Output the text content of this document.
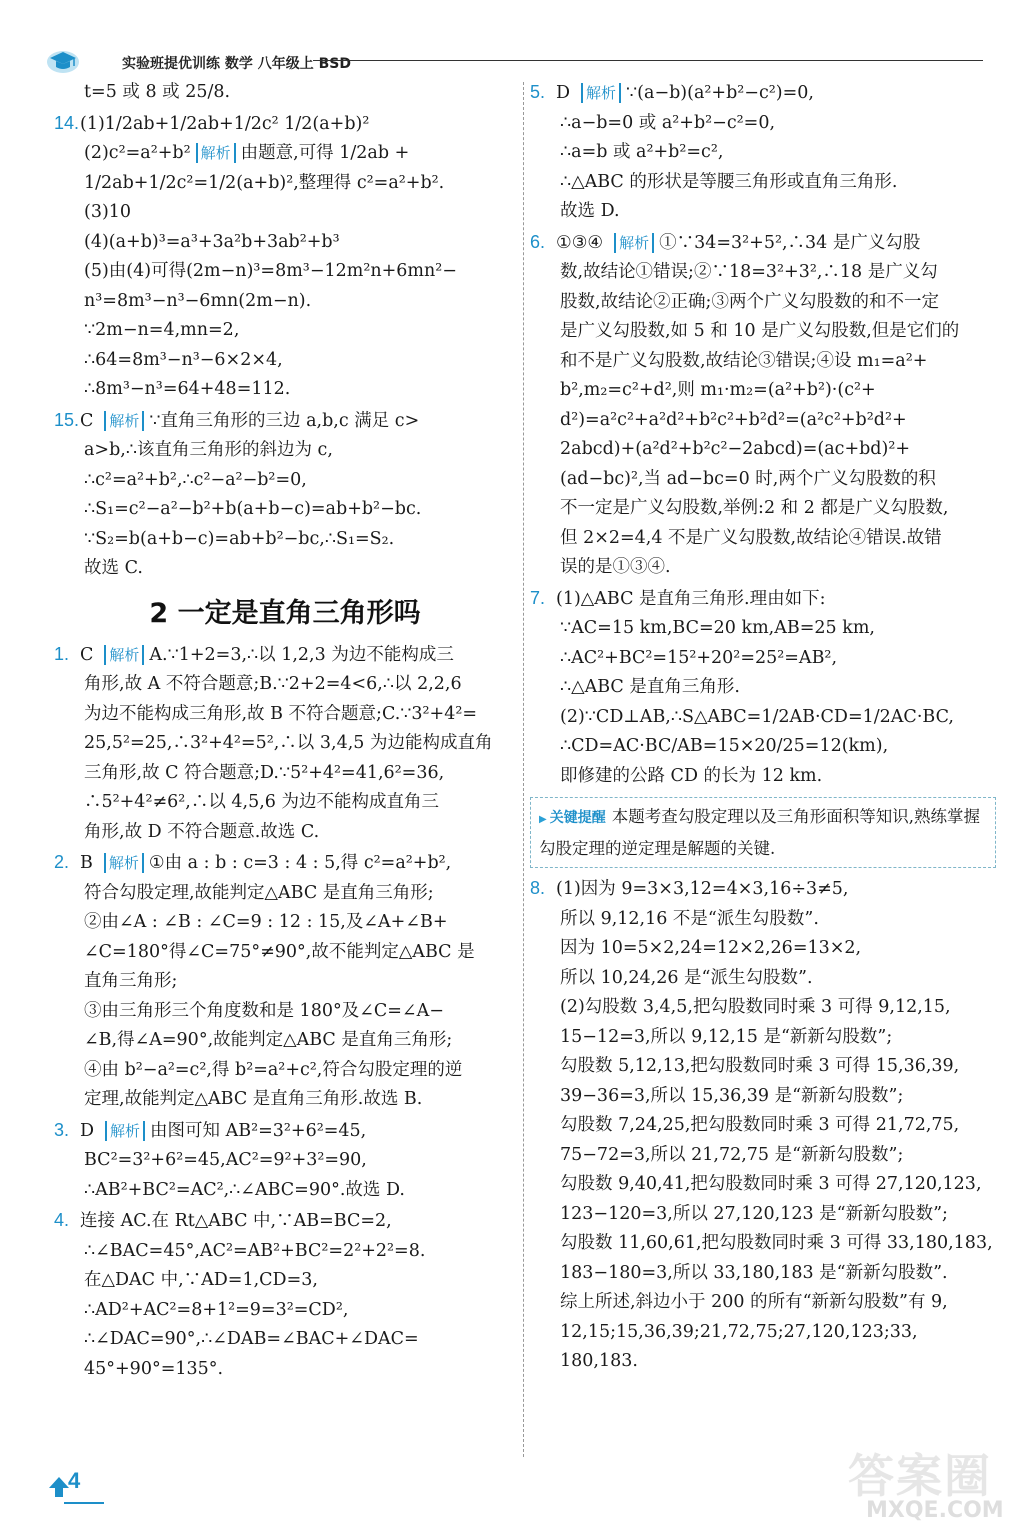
实验班提优训练 数学 八年级上 BSD
t=5 或 8 或 25/8.
14.(1)1/2ab+1/2ab+1/2c² 1/2(a+b)²
(2)c²=a²+b² 解析 由题意,可得 1/2ab +
1/2ab+1/2c²=1/2(a+b)²,整理得 c²=a²+b².
(3)10
(4)(a+b)³=a³+3a²b+3ab²+b³
(5)由(4)可得(2m−n)³=8m³−12m²n+6mn²−
n³=8m³−n³−6mn(2m−n).
∵2m−n=4,mn=2,
∴64=8m³−n³−6×2×4,
∴8m³−n³=64+48=112.
15.C 解析 ∵直角三角形的三边 a,b,c 满足 c>
a>b,∴该直角三角形的斜边为 c,
∴c²=a²+b²,∴c²−a²−b²=0,
∴S₁=c²−a²−b²+b(a+b−c)=ab+b²−bc.
∵S₂=b(a+b−c)=ab+b²−bc,∴S₁=S₂.
故选 C.
2 一定是直角三角形吗
1. C 解析 A.∵1+2=3,∴以 1,2,3 为边不能构成三
角形,故 A 不符合题意;B.∵2+2=4<6,∴以 2,2,6
为边不能构成三角形,故 B 不符合题意;C.∵3²+4²=
25,5²=25,∴3²+4²=5²,∴以 3,4,5 为边能构成直角
三角形,故 C 符合题意;D.∵5²+4²=41,6²=36,
∴5²+4²≠6²,∴以 4,5,6 为边不能构成直角三
角形,故 D 不符合题意.故选 C.
2. B 解析 ①由 a : b : c=3 : 4 : 5,得 c²=a²+b²,
符合勾股定理,故能判定△ABC 是直角三角形;
②由∠A : ∠B : ∠C=9 : 12 : 15,及∠A+∠B+
∠C=180°得∠C=75°≠90°,故不能判定△ABC 是
直角三角形;
③由三角形三个角度数和是 180°及∠C=∠A−
∠B,得∠A=90°,故能判定△ABC 是直角三角形;
④由 b²−a²=c²,得 b²=a²+c²,符合勾股定理的逆
定理,故能判定△ABC 是直角三角形.故选 B.
3. D 解析 由图可知 AB²=3²+6²=45,
BC²=3²+6²=45,AC²=9²+3²=90,
∴AB²+BC²=AC²,∴∠ABC=90°.故选 D.
4. 连接 AC.在 Rt△ABC 中,∵AB=BC=2,
∴∠BAC=45°,AC²=AB²+BC²=2²+2²=8.
在△DAC 中,∵AD=1,CD=3,
∴AD²+AC²=8+1²=9=3²=CD²,
∴∠DAC=90°,∴∠DAB=∠BAC+∠DAC=
45°+90°=135°.
5. D 解析 ∵(a−b)(a²+b²−c²)=0,
∴a−b=0 或 a²+b²−c²=0,
∴a=b 或 a²+b²=c²,
∴△ABC 的形状是等腰三角形或直角三角形.
故选 D.
6. ①③④ 解析 ①∵34=3²+5²,∴34 是广义勾股
数,故结论①错误;②∵18=3²+3²,∴18 是广义勾
股数,故结论②正确;③两个广义勾股数的和不一定
是广义勾股数,如 5 和 10 是广义勾股数,但是它们的
和不是广义勾股数,故结论③错误;④设 m₁=a²+
b²,m₂=c²+d²,则 m₁·m₂=(a²+b²)·(c²+
d²)=a²c²+a²d²+b²c²+b²d²=(a²c²+b²d²+
2abcd)+(a²d²+b²c²−2abcd)=(ac+bd)²+
(ad−bc)²,当 ad−bc=0 时,两个广义勾股数的积
不一定是广义勾股数,举例:2 和 2 都是广义勾股数,
但 2×2=4,4 不是广义勾股数,故结论④错误.故错
误的是①③④.
7. (1)△ABC 是直角三角形.理由如下:
∵AC=15 km,BC=20 km,AB=25 km,
∴AC²+BC²=15²+20²=25²=AB²,
∴△ABC 是直角三角形.
(2)∵CD⊥AB,∴S△ABC=1/2AB·CD=1/2AC·BC,
∴CD=AC·BC/AB=15×20/25=12(km),
即修建的公路 CD 的长为 12 km.
▶ 关键提醒 本题考查勾股定理以及三角形面积等知识,熟练掌握勾股定理的逆定理是解题的关键.
8. (1)因为 9=3×3,12=4×3,16÷3≠5,
所以 9,12,16 不是“派生勾股数”.
因为 10=5×2,24=12×2,26=13×2,
所以 10,24,26 是“派生勾股数”.
(2)勾股数 3,4,5,把勾股数同时乘 3 可得 9,12,15,
15−12=3,所以 9,12,15 是“新新勾股数”;
勾股数 5,12,13,把勾股数同时乘 3 可得 15,36,39,
39−36=3,所以 15,36,39 是“新新勾股数”;
勾股数 7,24,25,把勾股数同时乘 3 可得 21,72,75,
75−72=3,所以 21,72,75 是“新新勾股数”;
勾股数 9,40,41,把勾股数同时乘 3 可得 27,120,123,
123−120=3,所以 27,120,123 是“新新勾股数”;
勾股数 11,60,61,把勾股数同时乘 3 可得 33,180,183,
183−180=3,所以 33,180,183 是“新新勾股数”.
综上所述,斜边小于 200 的所有“新新勾股数”有 9,
12,15;15,36,39;21,72,75;27,120,123;33,
180,183.
4	答案圈
MXQE.COM
